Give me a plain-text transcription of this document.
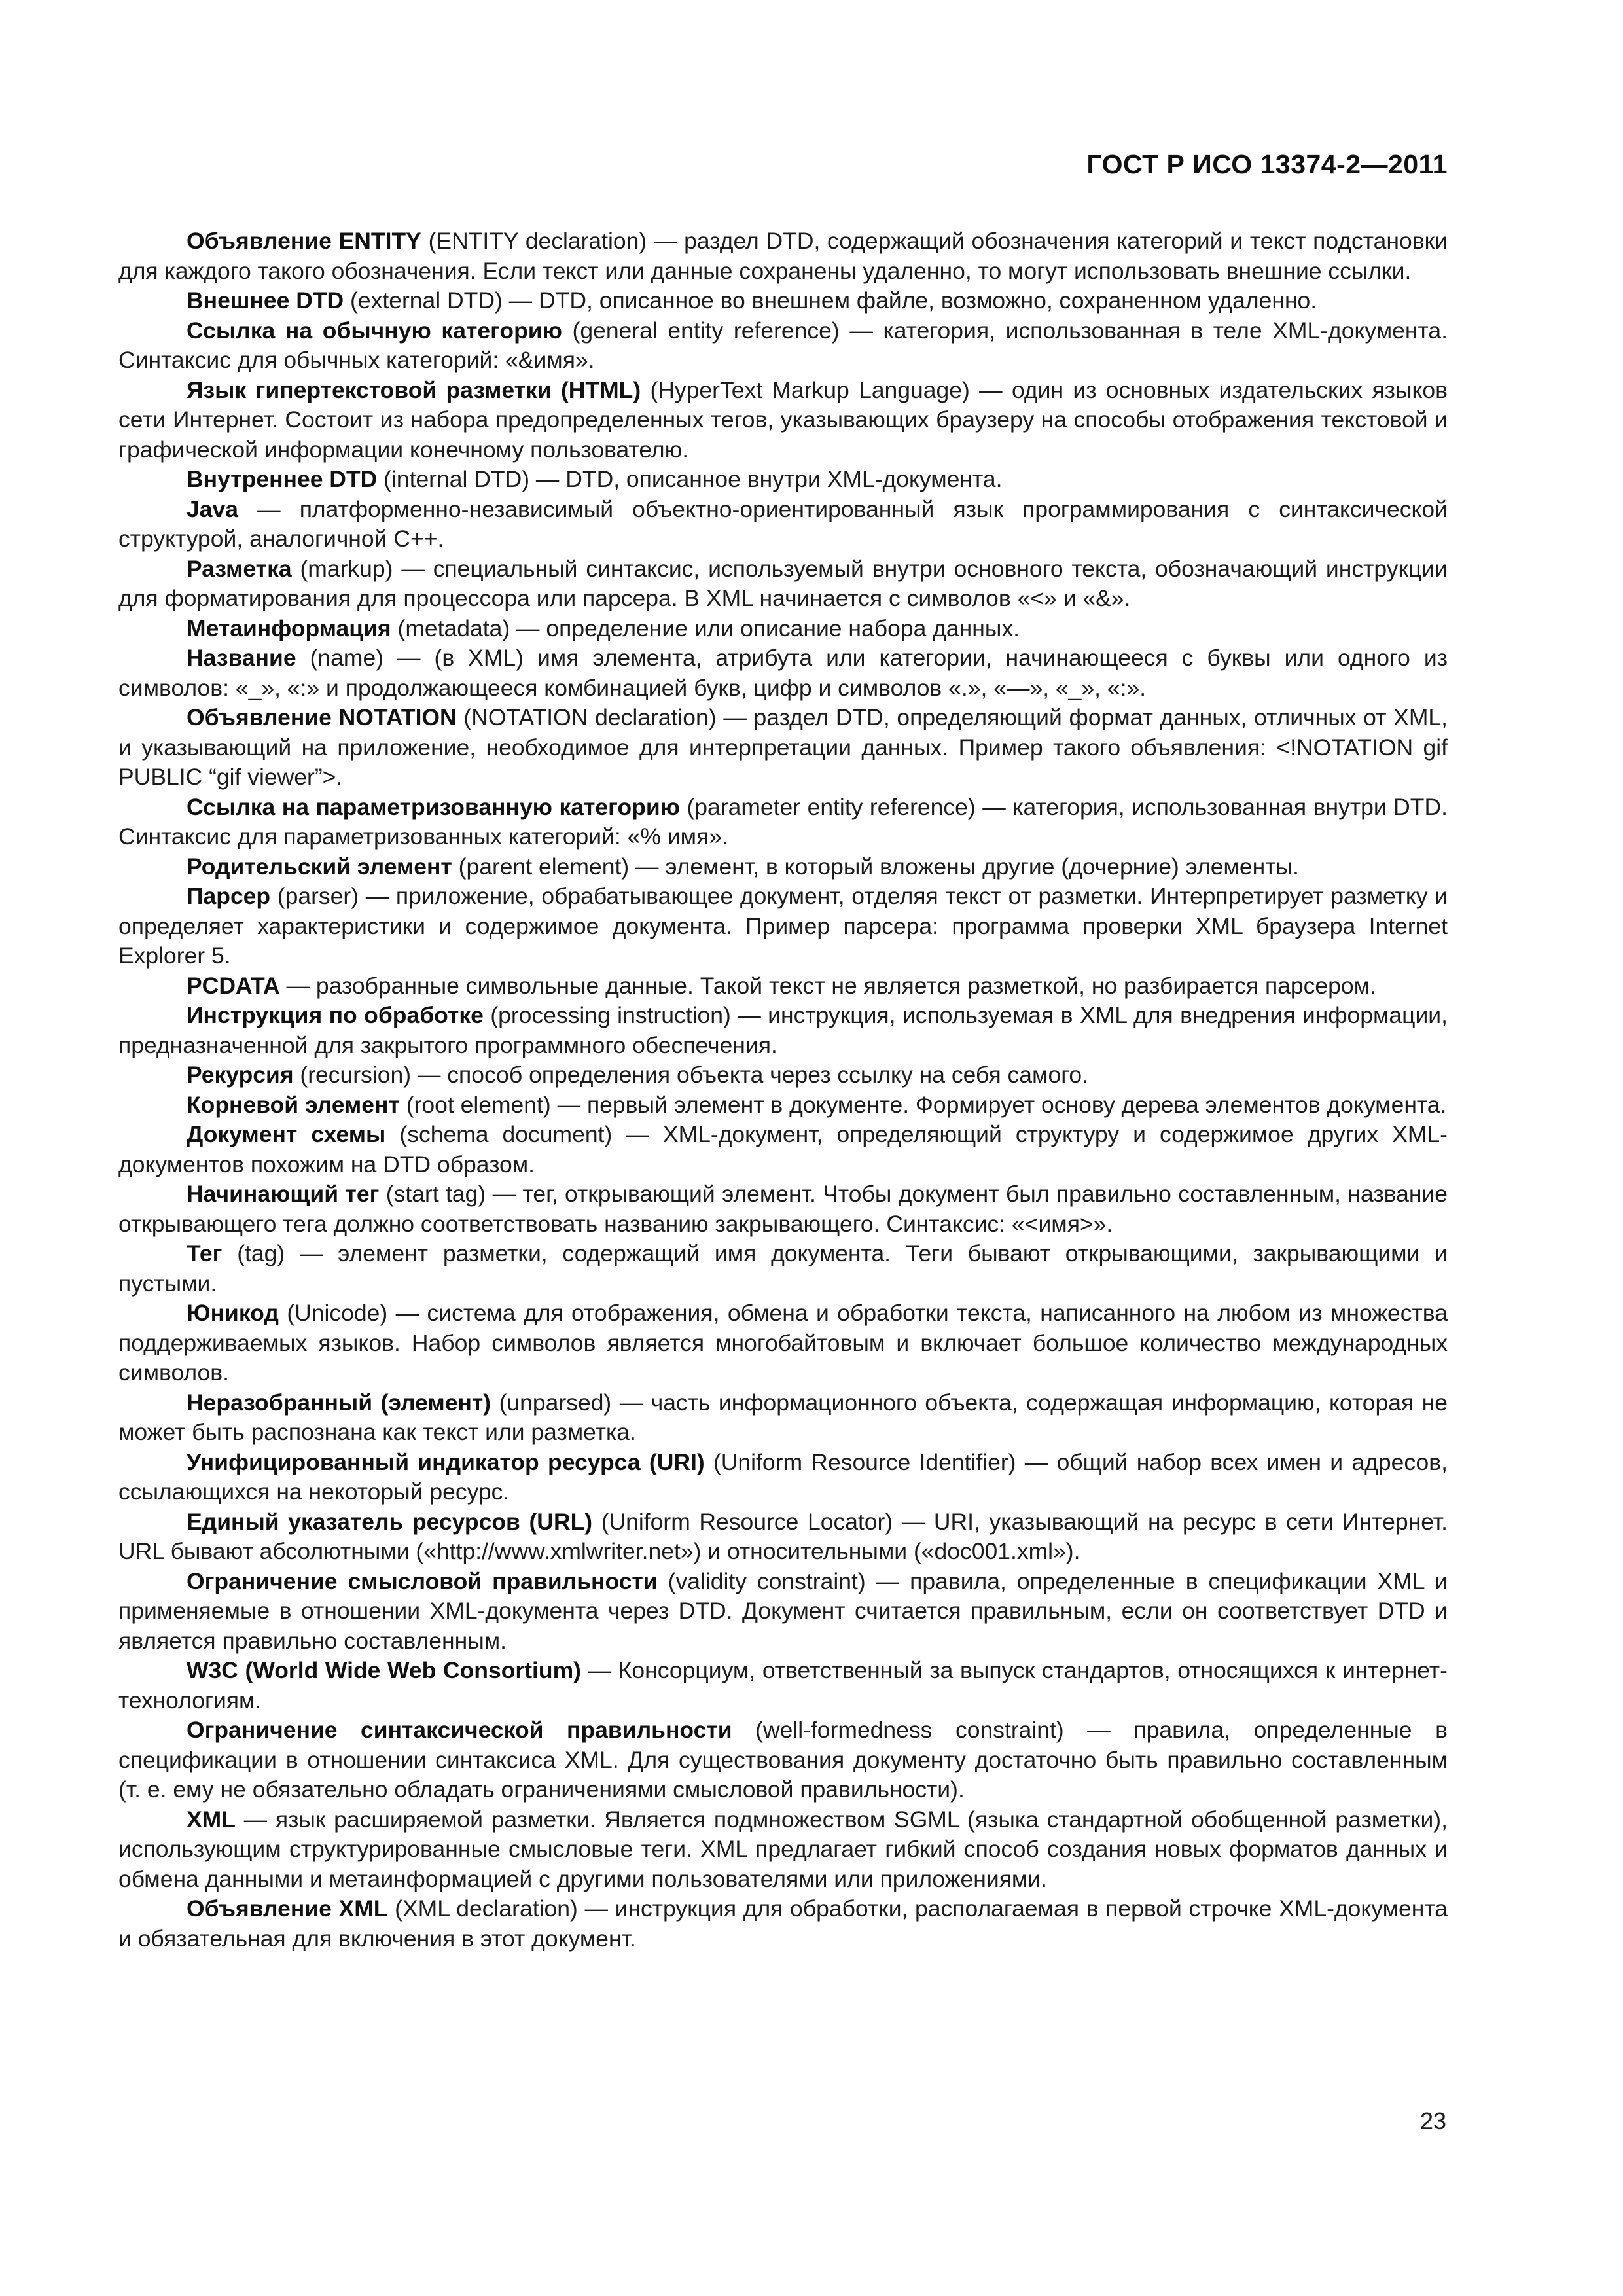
ГОСТ Р ИСО 13374-2—2011

Объявление ENTITY (ENTITY declaration) — раздел DTD, содержащий обозначения категорий и текст подстановки для каждого такого обозначения. Если текст или данные сохранены удаленно, то могут использовать внешние ссылки.

Внешнее DTD (external DTD) — DTD, описанное во внешнем файле, возможно, сохраненном удаленно.

Ссылка на обычную категорию (general entity reference) — категория, использованная в теле XML-документа. Синтаксис для обычных категорий: «&имя».

Язык гипертекстовой разметки (HTML) (HyperText Markup Language) — один из основных издательских языков сети Интернет. Состоит из набора предопределенных тегов, указывающих браузеру на способы отображения текстовой и графической информации конечному пользователю.

Внутреннее DTD (internal DTD) — DTD, описанное внутри XML-документа.

Java — платформенно-независимый объектно-ориентированный язык программирования с синтаксической структурой, аналогичной С++.

Разметка (markup) — специальный синтаксис, используемый внутри основного текста, обозначающий инструкции для форматирования для процессора или парсера. В XML начинается с символов «<» и «&».

Метаинформация (metadata) — определение или описание набора данных.

Название (name) — (в XML) имя элемента, атрибута или категории, начинающееся с буквы или одного из символов: «_», «:» и продолжающееся комбинацией букв, цифр и символов «.», «—», «_», «:».

Объявление NOTATION (NOTATION declaration) — раздел DTD, определяющий формат данных, отличных от XML, и указывающий на приложение, необходимое для интерпретации данных. Пример такого объявления: <!NOTATION gif PUBLIC “gif viewer”>.

Ссылка на параметризованную категорию (parameter entity reference) — категория, использованная внутри DTD. Синтаксис для параметризованных категорий: «% имя».

Родительский элемент (parent element) — элемент, в который вложены другие (дочерние) элементы.

Парсер (parser) — приложение, обрабатывающее документ, отделяя текст от разметки. Интерпретирует разметку и определяет характеристики и содержимое документа. Пример парсера: программа проверки XML браузера Internet Explorer 5.

PCDATA — разобранные символьные данные. Такой текст не является разметкой, но разбирается парсером.

Инструкция по обработке (processing instruction) — инструкция, используемая в XML для внедрения информации, предназначенной для закрытого программного обеспечения.

Рекурсия (recursion) — способ определения объекта через ссылку на себя самого.

Корневой элемент (root element) — первый элемент в документе. Формирует основу дерева элементов документа.

Документ схемы (schema document) — XML-документ, определяющий структуру и содержимое других XML-документов похожим на DTD образом.

Начинающий тег (start tag) — тег, открывающий элемент. Чтобы документ был правильно составленным, название открывающего тега должно соответствовать названию закрывающего. Синтаксис: «<имя>».

Тег (tag) — элемент разметки, содержащий имя документа. Теги бывают открывающими, закрывающими и пустыми.

Юникод (Unicode) — система для отображения, обмена и обработки текста, написанного на любом из множества поддерживаемых языков. Набор символов является многобайтовым и включает большое количество международных символов.

Неразобранный (элемент) (unparsed) — часть информационного объекта, содержащая информацию, которая не может быть распознана как текст или разметка.

Унифицированный индикатор ресурса (URI) (Uniform Resource Identifier) — общий набор всех имен и адресов, ссылающихся на некоторый ресурс.

Единый указатель ресурсов (URL) (Uniform Resource Locator) — URI, указывающий на ресурс в сети Интернет. URL бывают абсолютными («http://www.xmlwriter.net») и относительными («doc001.xml»).

Ограничение смысловой правильности (validity constraint) — правила, определенные в спецификации XML и применяемые в отношении XML-документа через DTD. Документ считается правильным, если он соответствует DTD и является правильно составленным.

W3C (World Wide Web Consortium) — Консорциум, ответственный за выпуск стандартов, относящихся к интернет-технологиям.

Ограничение синтаксической правильности (well-formedness constraint) — правила, определенные в спецификации в отношении синтаксиса XML. Для существования документу достаточно быть правильно составленным (т. е. ему не обязательно обладать ограничениями смысловой правильности).

XML — язык расширяемой разметки. Является подмножеством SGML (языка стандартной обобщенной разметки), использующим структурированные смысловые теги. XML предлагает гибкий способ создания новых форматов данных и обмена данными и метаинформацией с другими пользователями или приложениями.

Объявление XML (XML declaration) — инструкция для обработки, располагаемая в первой строчке XML-документа и обязательная для включения в этот документ.

23
